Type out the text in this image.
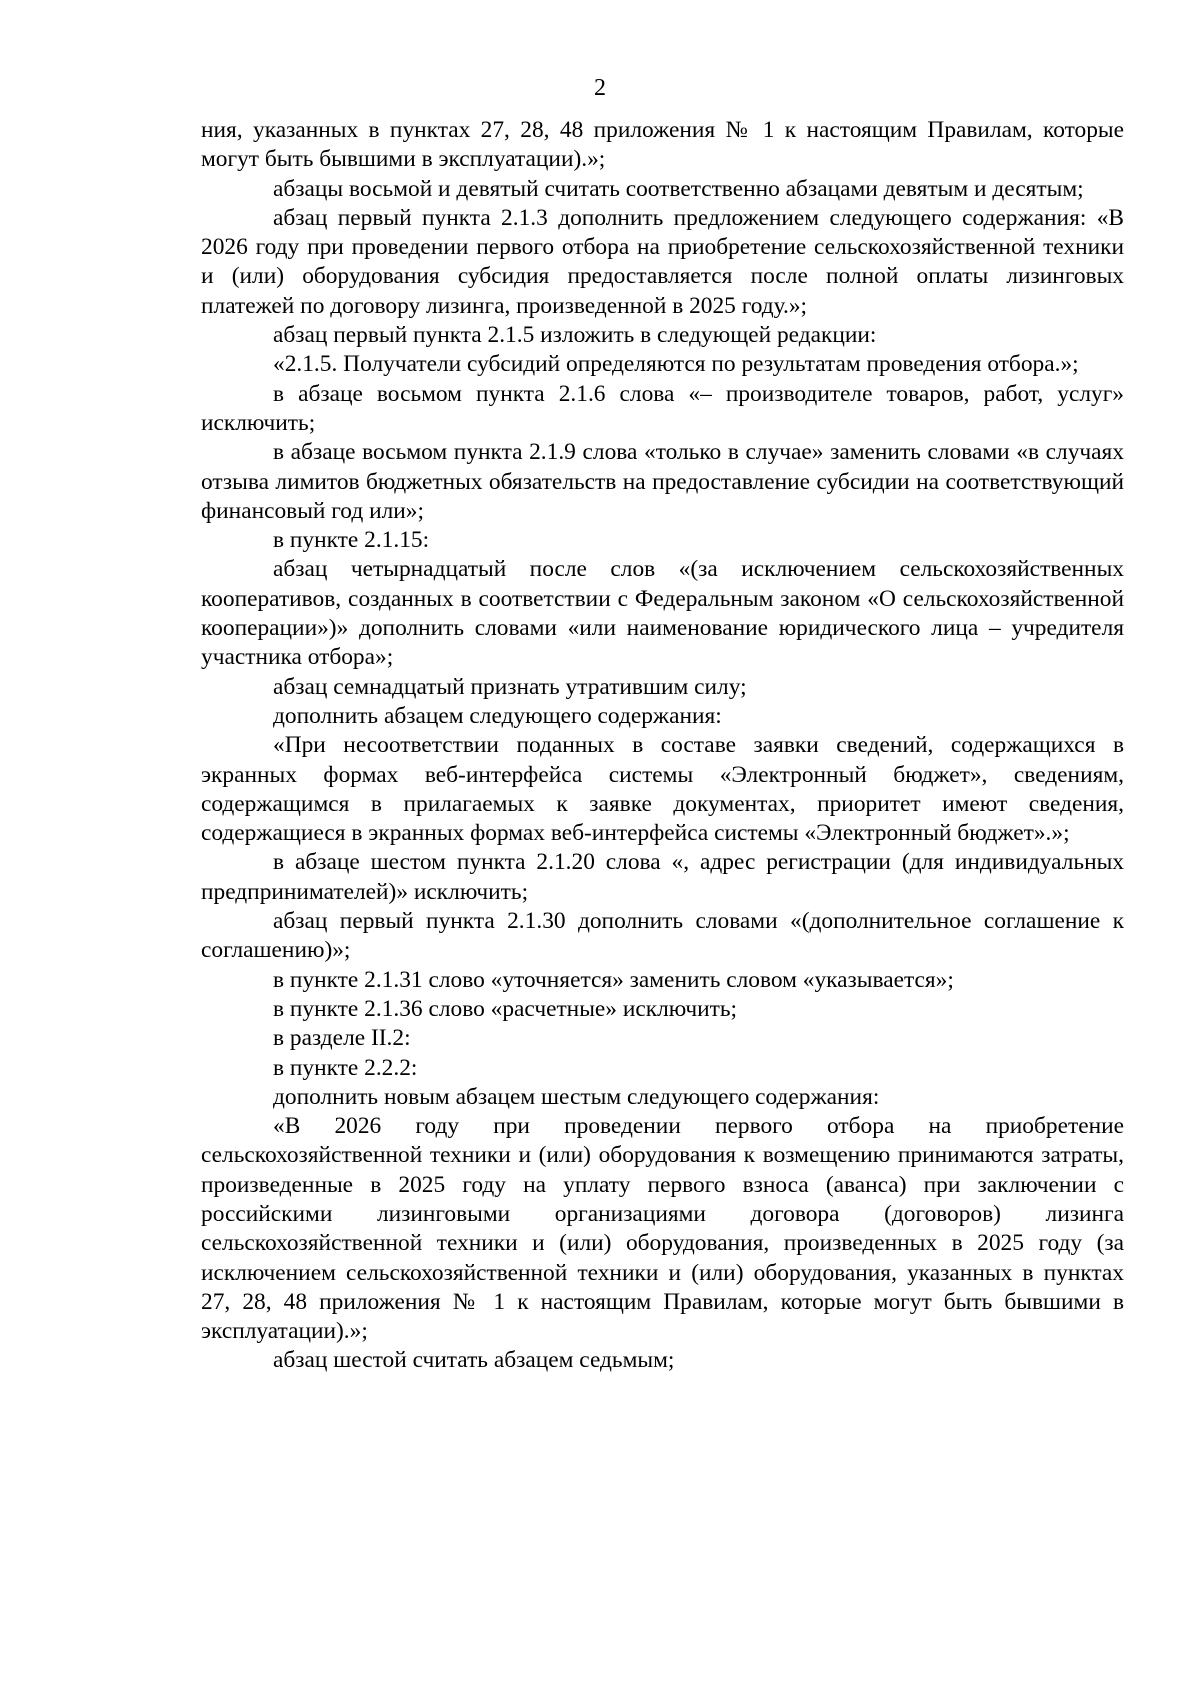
2

ния, указанных в пунктах 27, 28, 48 приложения № 1 к настоящим Правилам, которые могут быть бывшими в эксплуатации).»;

абзацы восьмой и девятый считать соответственно абзацами девятым и десятым;

абзац первый пункта 2.1.3 дополнить предложением следующего содержания: «В 2026 году при проведении первого отбора на приобретение сельскохозяйственной техники и (или) оборудования субсидия предоставляется после полной оплаты лизинговых платежей по договору лизинга, произведенной в 2025 году.»;

абзац первый пункта 2.1.5 изложить в следующей редакции:

«2.1.5. Получатели субсидий определяются по результатам проведения отбора.»;

в абзаце восьмом пункта 2.1.6 слова «– производителе товаров, работ, услуг» исключить;

в абзаце восьмом пункта 2.1.9 слова «только в случае» заменить словами «в случаях отзыва лимитов бюджетных обязательств на предоставление субсидии на соответствующий финансовый год или»;

в пункте 2.1.15:

абзац четырнадцатый после слов «(за исключением сельскохозяйственных кооперативов, созданных в соответствии с Федеральным законом «О сельскохозяйственной кооперации»)» дополнить словами «или наименование юридического лица – учредителя участника отбора»;

абзац семнадцатый признать утратившим силу;

дополнить абзацем следующего содержания:

«При несоответствии поданных в составе заявки сведений, содержащихся в экранных формах веб-интерфейса системы «Электронный бюджет», сведениям, содержащимся в прилагаемых к заявке документах, приоритет имеют сведения, содержащиеся в экранных формах веб-интерфейса системы «Электронный бюджет».»;

в абзаце шестом пункта 2.1.20 слова «, адрес регистрации (для индивидуальных предпринимателей)» исключить;

абзац первый пункта 2.1.30 дополнить словами «(дополнительное соглашение к соглашению)»;

в пункте 2.1.31 слово «уточняется» заменить словом «указывается»;

в пункте 2.1.36 слово «расчетные» исключить;

в разделе II.2:

в пункте 2.2.2:

дополнить новым абзацем шестым следующего содержания:

«В 2026 году при проведении первого отбора на приобретение сельскохозяйственной техники и (или) оборудования к возмещению принимаются затраты, произведенные в 2025 году на уплату первого взноса (аванса) при заключении с российскими лизинговыми организациями договора (договоров) лизинга сельскохозяйственной техники и (или) оборудования, произведенных в 2025 году (за исключением сельскохозяйственной техники и (или) оборудования, указанных в пунктах 27, 28, 48 приложения № 1 к настоящим Правилам, которые могут быть бывшими в эксплуатации).»;

абзац шестой считать абзацем седьмым;
